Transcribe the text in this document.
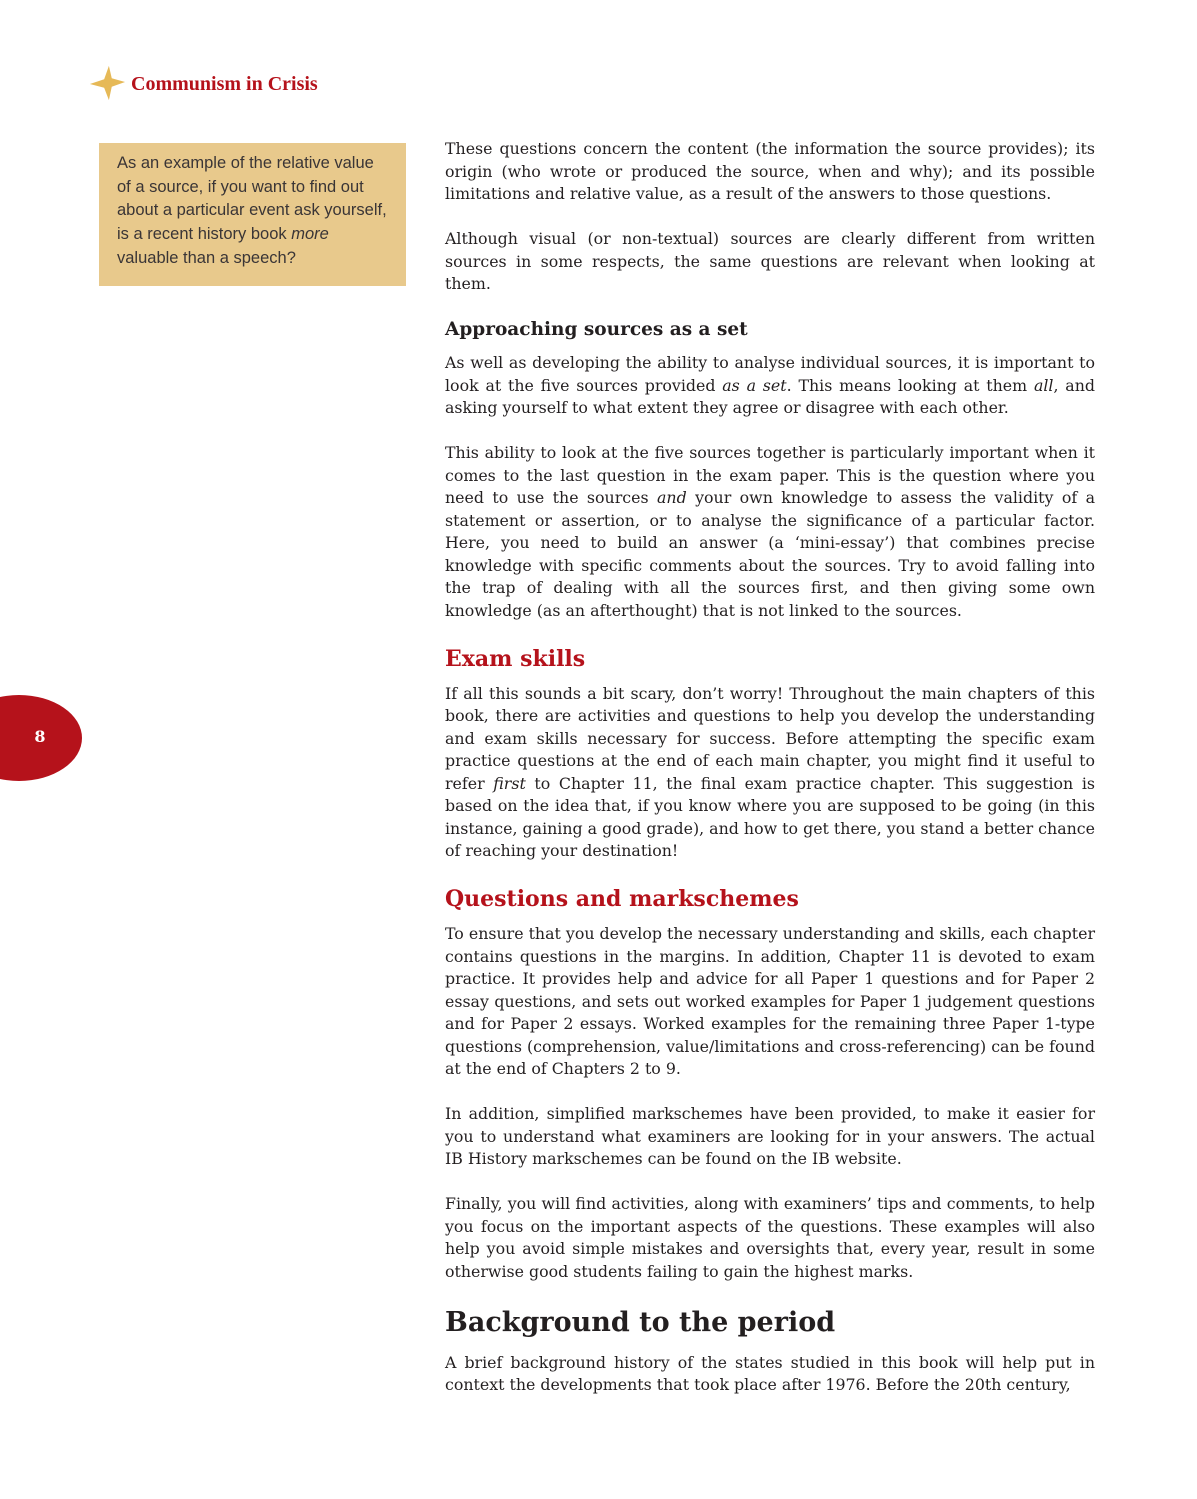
Communism in Crisis

As an example of the relative value of a source, if you want to find out about a particular event ask yourself, is a recent history book more valuable than a speech?

8

These questions concern the content (the information the source provides); its origin (who wrote or produced the source, when and why); and its possible limitations and relative value, as a result of the answers to those questions.

Although visual (or non-textual) sources are clearly different from written sources in some respects, the same questions are relevant when looking at them.

Approaching sources as a set

As well as developing the ability to analyse individual sources, it is important to look at the five sources provided as a set. This means looking at them all, and asking yourself to what extent they agree or disagree with each other.

This ability to look at the five sources together is particularly important when it comes to the last question in the exam paper. This is the question where you need to use the sources and your own knowledge to assess the validity of a statement or assertion, or to analyse the significance of a particular factor. Here, you need to build an answer (a ‘mini-essay’) that combines precise knowledge with specific comments about the sources. Try to avoid falling into the trap of dealing with all the sources first, and then giving some own knowledge (as an afterthought) that is not linked to the sources.

Exam skills

If all this sounds a bit scary, don’t worry! Throughout the main chapters of this book, there are activities and questions to help you develop the understanding and exam skills necessary for success. Before attempting the specific exam practice questions at the end of each main chapter, you might find it useful to refer first to Chapter 11, the final exam practice chapter. This suggestion is based on the idea that, if you know where you are supposed to be going (in this instance, gaining a good grade), and how to get there, you stand a better chance of reaching your destination!

Questions and markschemes

To ensure that you develop the necessary understanding and skills, each chapter contains questions in the margins. In addition, Chapter 11 is devoted to exam practice. It provides help and advice for all Paper 1 questions and for Paper 2 essay questions, and sets out worked examples for Paper 1 judgement questions and for Paper 2 essays. Worked examples for the remaining three Paper 1-type questions (comprehension, value/limitations and cross-referencing) can be found at the end of Chapters 2 to 9.

In addition, simplified markschemes have been provided, to make it easier for you to understand what examiners are looking for in your answers. The actual IB History markschemes can be found on the IB website.

Finally, you will find activities, along with examiners’ tips and comments, to help you focus on the important aspects of the questions. These examples will also help you avoid simple mistakes and oversights that, every year, result in some otherwise good students failing to gain the highest marks.

Background to the period

A brief background history of the states studied in this book will help put in context the developments that took place after 1976. Before the 20th century,
